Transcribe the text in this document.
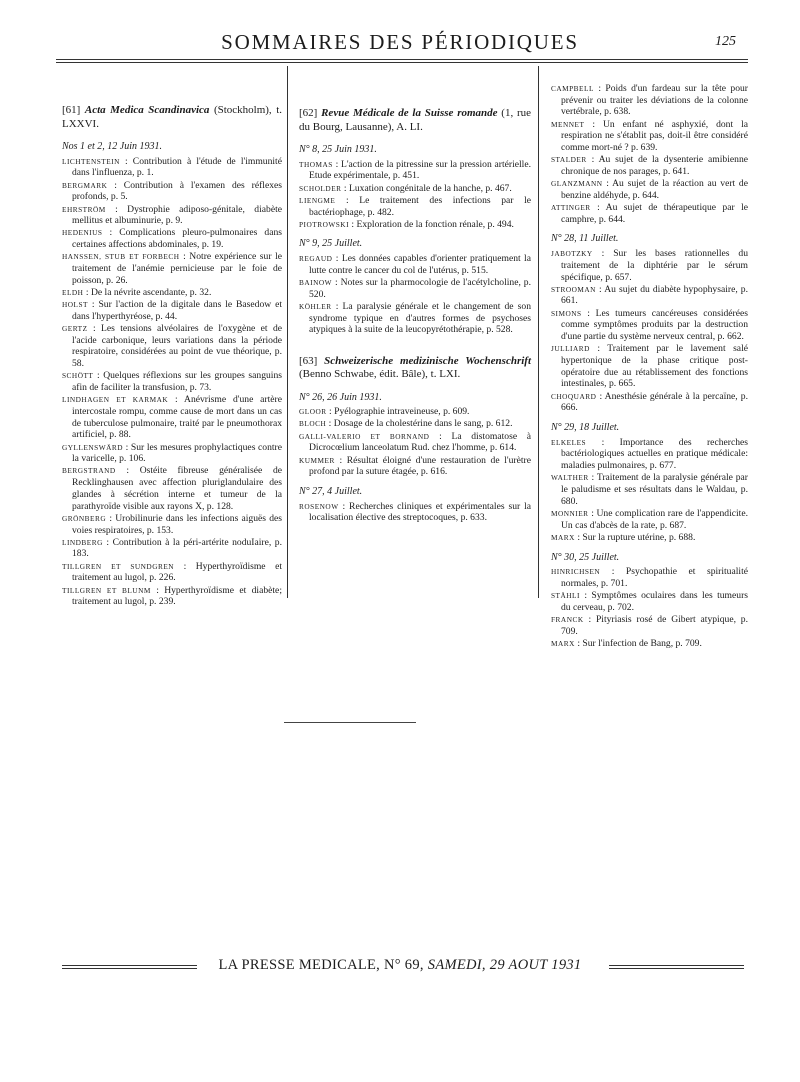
SOMMAIRES DES PÉRIODIQUES	125
[61] Acta Medica Scandinavica (Stockholm), t. LXXVI.
Nos 1 et 2, 12 Juin 1931.
LICHTENSTEIN : Contribution à l'étude de l'immunité dans l'influenza, p. 1.
BERGMARK : Contribution à l'examen des réflexes profonds, p. 5.
EHRSTRÖM : Dystrophie adiposo-génitale, diabète mellitus et albuminurie, p. 9.
HEDENIUS : Complications pleuro-pulmonaires dans certaines affections abdominales, p. 19.
HANSSEN, STUB ET FORBECH : Notre expérience sur le traitement de l'anémie pernicieuse par le foie de poisson, p. 26.
ELDH : De la névrite ascendante, p. 32.
HOLST : Sur l'action de la digitale dans le Basedow et dans l'hyperthyréose, p. 44.
GERTZ : Les tensions alvéolaires de l'oxygène et de l'acide carbonique, leurs variations dans la période respiratoire, considérées au point de vue théorique, p. 58.
SCHÖTT : Quelques réflexions sur les groupes sanguins afin de faciliter la transfusion, p. 73.
LINDHAGEN ET KARMAK : Anévrisme d'une artère intercostale rompu, comme cause de mort dans un cas de tuberculose pulmonaire, traité par le pneumothorax artificiel, p. 88.
GYLLENSWÄRD : Sur les mesures prophylactiques contre la varicelle, p. 106.
BERGSTRAND : Ostéite fibreuse généralisée de Recklinghausen avec affection pluriglandulaire des glandes à sécrétion interne et tumeur de la parathyroïde visible aux rayons X, p. 128.
GRÖNBERG : Urobilinurie dans les infections aiguës des voies respiratoires, p. 153.
LINDBERG : Contribution à la péri-artérite noduIaire, p. 183.
TILLGREN ET SUNDGREN : Hyperthyroïdisme et traitement au lugol, p. 226.
TILLGREN ET BLUNM : Hyperthyroïdisme et diabète; traitement au lugol, p. 239.
[62] Revue Médicale de la Suisse romande (1, rue du Bourg, Lausanne), A. LI.
N° 8, 25 Juin 1931.
THOMAS : L'action de la pitressine sur la pression artérielle. Etude expérimentale, p. 451.
SCHOLDER : Luxation congénitale de la hanche, p. 467.
LIENGME : Le traitement des infections par le bactériophage, p. 482.
PIOTROWSKI : Exploration de la fonction rénale, p. 494.
N° 9, 25 Juillet.
REGAUD : Les données capables d'orienter pratiquement la lutte contre le cancer du col de l'utérus, p. 515.
BAINOW : Notes sur la pharmocologie de l'acétylcholine, p. 520.
KÖHLER : La paralysie générale et le changement de son syndrome typique en d'autres formes de psychoses atypiques à la suite de la leucopyrétothérapie, p. 528.
[63] Schweizerische medizinische Wochenschrift (Benno Schwabe, édit. Bâle), t. LXI.
N° 26, 26 Juin 1931.
GLOOR : Pyélographie intraveineuse, p. 609.
BLOCH : Dosage de la cholestérine dans le sang, p. 612.
GALLI-VALERIO ET BORNAND : La distomatose à Dicrocœlium lanceolatum Rud. chez l'homme, p. 614.
KUMMER : Résultat éloigné d'une restauration de l'urètre profond par la suture étagée, p. 616.
N° 27, 4 Juillet.
ROSENOW : Recherches cliniques et expérimentales sur la localisation élective des streptocoques, p. 633.
CAMPBELL : Poids d'un fardeau sur la tête pour prévenir ou traiter les déviations de la colonne vertébrale, p. 638.
MENNET : Un enfant né asphyxié, dont la respiration ne s'établit pas, doit-il être considéré comme mort-né ? p. 639.
STALDER : Au sujet de la dysenterie amibienne chronique de nos parages, p. 641.
GLANZMANN : Au sujet de la réaction au vert de benzine aldéhyde, p. 644.
ATTINGER : Au sujet de thérapeutique par le camphre, p. 644.
N° 28, 11 Juillet.
JABOTZKY : Sur les bases rationnelles du traitement de la diphtérie par le sérum spécifique, p. 657.
STROOMAN : Au sujet du diabète hypophysaire, p. 661.
SIMONS : Les tumeurs cancéreuses considérées comme symptômes produits par la destruction d'une partie du système nerveux central, p. 662.
JULLIARD : Traitement par le lavement salé hypertonique de la phase critique post-opératoire due au rétablissement des fonctions intestinales, p. 665.
CHOQUARD : Anesthésie générale à la percaïne, p. 666.
N° 29, 18 Juillet.
ELKELES : Importance des recherches bactériologiques actuelles en pratique médicale: maladies pulmonaires, p. 677.
WALTHER : Traitement de la paralysie générale par le paludisme et ses résultats dans le Waldau, p. 680.
MONNIER : Une complication rare de l'appendicite. Un cas d'abcès de la rate, p. 687.
MARX : Sur la rupture utérine, p. 688.
N° 30, 25 Juillet.
HINRICHSEN : Psychopathie et spiritualité normales, p. 701.
STÄHLI : Symptômes oculaires dans les tumeurs du cerveau, p. 702.
FRANCK : Pityriasis rosé de Gibert atypique, p. 709.
MARX : Sur l'infection de Bang, p. 709.
LA PRESSE MEDICALE, N° 69, SAMEDI, 29 AOUT 1931
